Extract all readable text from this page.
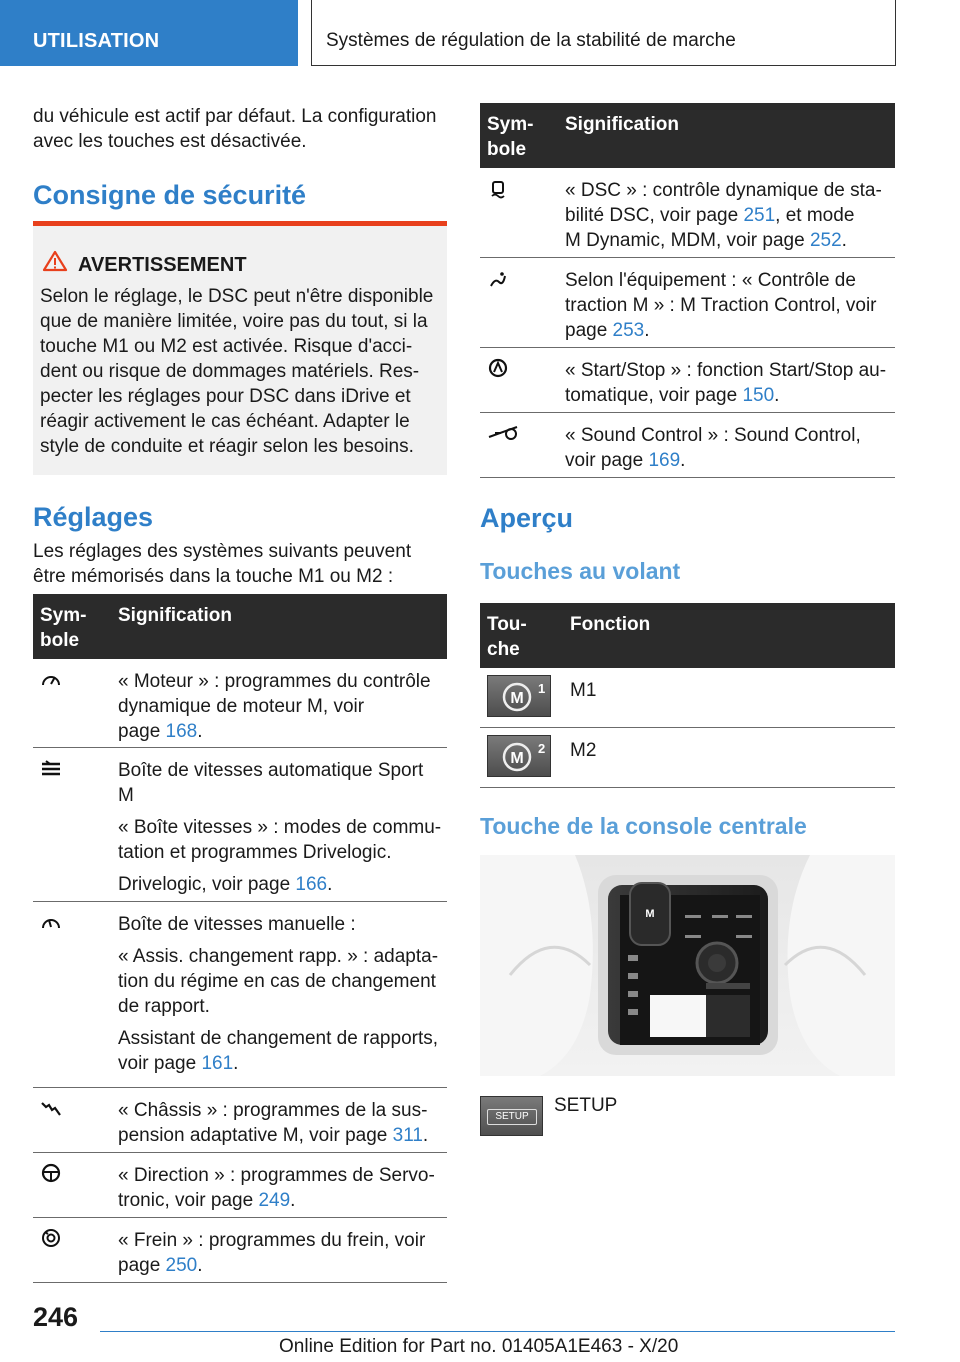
UTILISATION	Systèmes de régulation de la stabilité de marche
du véhicule est actif par défaut. La configuration
avec les touches est désactivée.
Consigne de sécurité
AVERTISSEMENT
Selon le réglage, le DSC peut n'être disponible
que de manière limitée, voire pas du tout, si la
touche M1 ou M2 est activée. Risque d'acci-
dent ou risque de dommages matériels. Res-
pecter les réglages pour DSC dans iDrive et
réagir activement le cas échéant. Adapter le
style de conduite et réagir selon les besoins.
Réglages
Les réglages des systèmes suivants peuvent
être mémorisés dans la touche M1 ou M2 :
Sym-
bole
Signification

« Moteur » : programmes du contrôle
dynamique de moteur M, voir
page 168.

Boîte de vitesses automatique Sport
M

« Boîte vitesses » : modes de commu-
tation et programmes Drivelogic.

Drivelogic, voir page 166.

Boîte de vitesses manuelle :

« Assis. changement rapp. » : adapta-
tion du régime en cas de changement
de rapport.

Assistant de changement de rapports,
voir page 161.

« Châssis » : programmes de la sus-
pension adaptative M, voir page 311.

« Direction » : programmes de Servo-
tronic, voir page 249.

« Frein » : programmes du frein, voir
page 250.

Sym-
bole
Signification

« DSC » : contrôle dynamique de sta-
bilité DSC, voir page 251, et mode
M Dynamic, MDM, voir page 252.

Selon l'équipement : « Contrôle de
traction M » : M Traction Control, voir
page 253.

« Start/Stop » : fonction Start/Stop au-
tomatique, voir page 150.

« Sound Control » : Sound Control,
voir page 169.

Aperçu
Touches au volant
Tou-
che
Fonction
M
1 M1
M
2 M2
Touche de la console centrale
M
SETUP
SETUP
246
Online Edition for Part no. 01405A1E463 - X/20
